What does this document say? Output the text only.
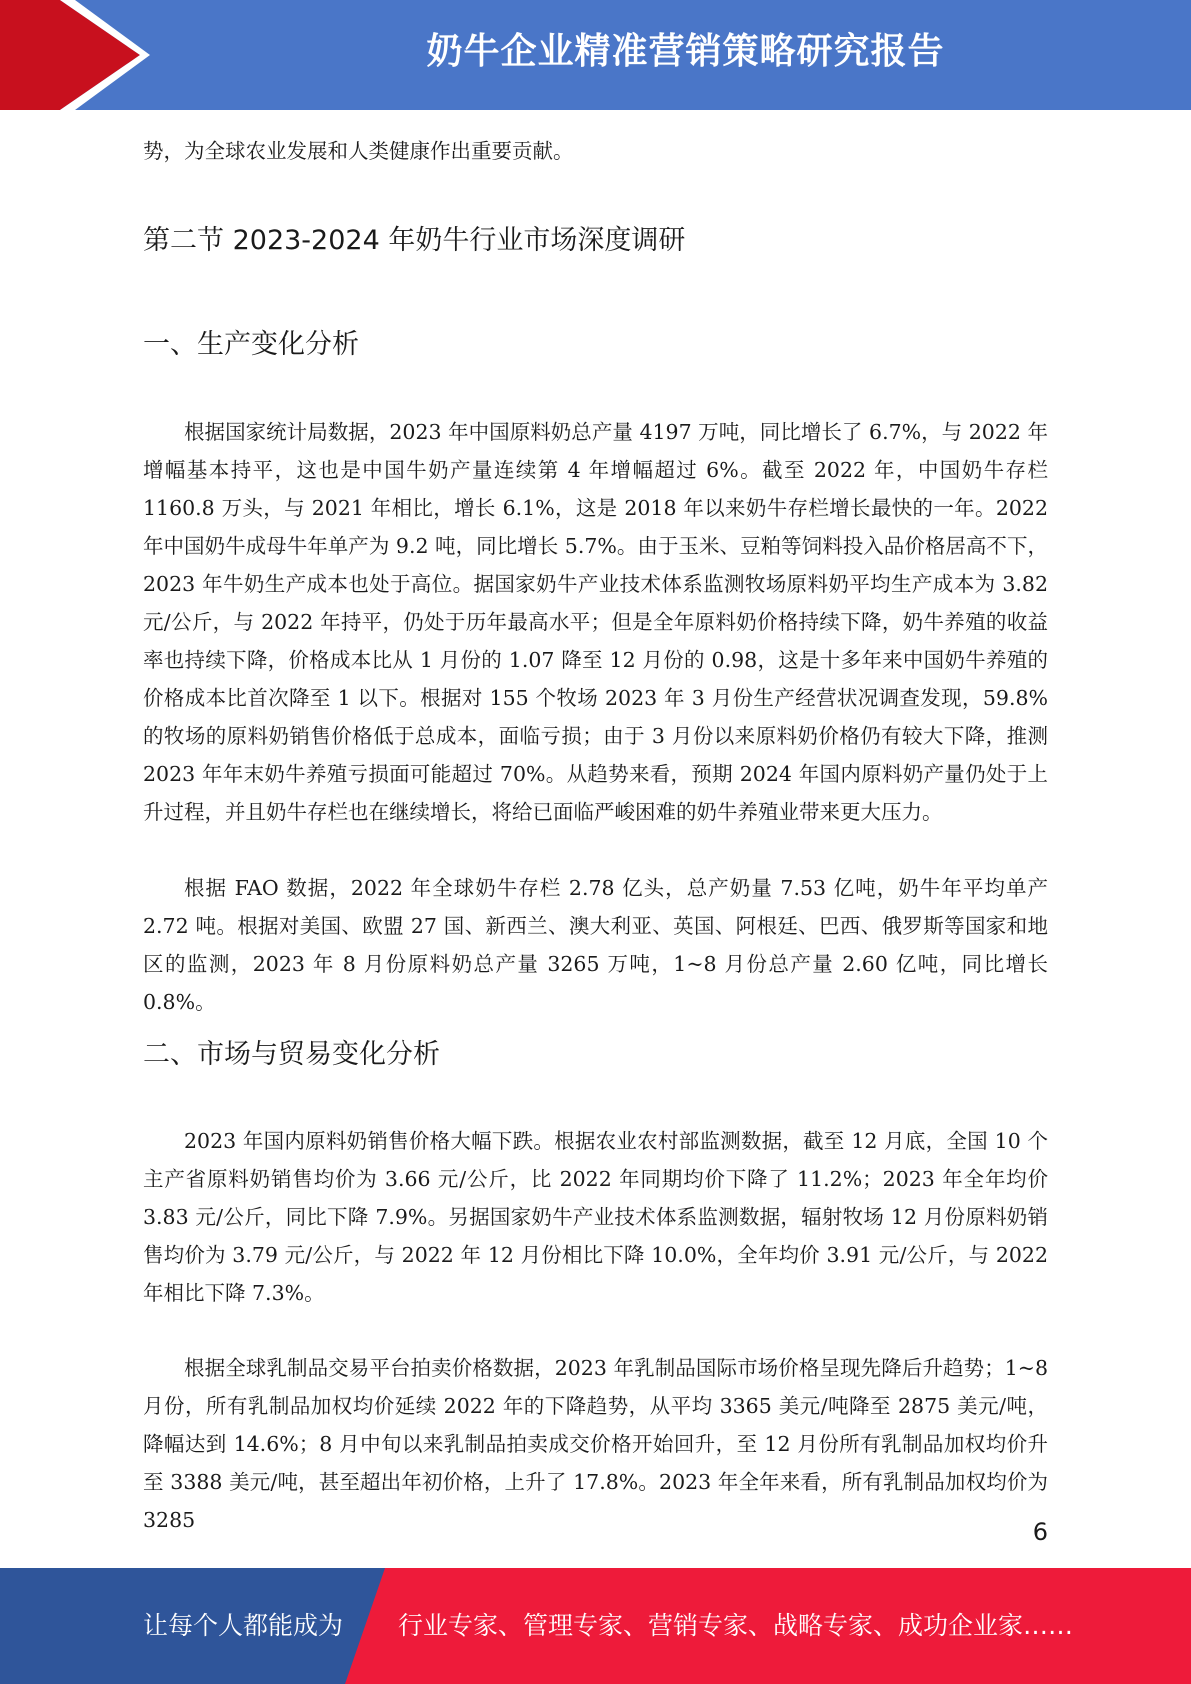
奶牛企业精准营销策略研究报告

势，为全球农业发展和人类健康作出重要贡献。

第二节 2023-2024 年奶牛行业市场深度调研
一、生产变化分析

根据国家统计局数据，2023 年中国原料奶总产量 4197 万吨，同比增长了 6.7%，与 2022 年增幅基本持平，这也是中国牛奶产量连续第 4 年增幅超过 6%。截至 2022 年，中国奶牛存栏 1160.8 万头，与 2021 年相比，增长 6.1%，这是 2018 年以来奶牛存栏增长最快的一年。2022 年中国奶牛成母牛年单产为 9.2 吨，同比增长 5.7%。由于玉米、豆粕等饲料投入品价格居高不下，2023 年牛奶生产成本也处于高位。据国家奶牛产业技术体系监测牧场原料奶平均生产成本为 3.82 元/公斤，与 2022 年持平，仍处于历年最高水平；但是全年原料奶价格持续下降，奶牛养殖的收益率也持续下降，价格成本比从 1 月份的 1.07 降至 12 月份的 0.98，这是十多年来中国奶牛养殖的价格成本比首次降至 1 以下。根据对 155 个牧场 2023 年 3 月份生产经营状况调查发现，59.8%的牧场的原料奶销售价格低于总成本，面临亏损；由于 3 月份以来原料奶价格仍有较大下降，推测 2023 年年末奶牛养殖亏损面可能超过 70%。从趋势来看，预期 2024 年国内原料奶产量仍处于上升过程，并且奶牛存栏也在继续增长，将给已面临严峻困难的奶牛养殖业带来更大压力。

根据 FAO 数据，2022 年全球奶牛存栏 2.78 亿头，总产奶量 7.53 亿吨，奶牛年平均单产 2.72 吨。根据对美国、欧盟 27 国、新西兰、澳大利亚、英国、阿根廷、巴西、俄罗斯等国家和地区的监测，2023 年 8 月份原料奶总产量 3265 万吨，1~8 月份总产量 2.60 亿吨，同比增长 0.8%。

二、市场与贸易变化分析

2023 年国内原料奶销售价格大幅下跌。根据农业农村部监测数据，截至 12 月底，全国 10 个主产省原料奶销售均价为 3.66 元/公斤，比 2022 年同期均价下降了 11.2%；2023 年全年均价 3.83 元/公斤，同比下降 7.9%。另据国家奶牛产业技术体系监测数据，辐射牧场 12 月份原料奶销售均价为 3.79 元/公斤，与 2022 年 12 月份相比下降 10.0%，全年均价 3.91 元/公斤，与 2022 年相比下降 7.3%。

根据全球乳制品交易平台拍卖价格数据，2023 年乳制品国际市场价格呈现先降后升趋势；1~8 月份，所有乳制品加权均价延续 2022 年的下降趋势，从平均 3365 美元/吨降至 2875 美元/吨，降幅达到 14.6%；8 月中旬以来乳制品拍卖成交价格开始回升，至 12 月份所有乳制品加权均价升至 3388 美元/吨，甚至超出年初价格，上升了 17.8%。2023 年全年来看，所有乳制品加权均价为 3285	6
让每个人都能成为 行业专家、管理专家、营销专家、战略专家、成功企业家……
